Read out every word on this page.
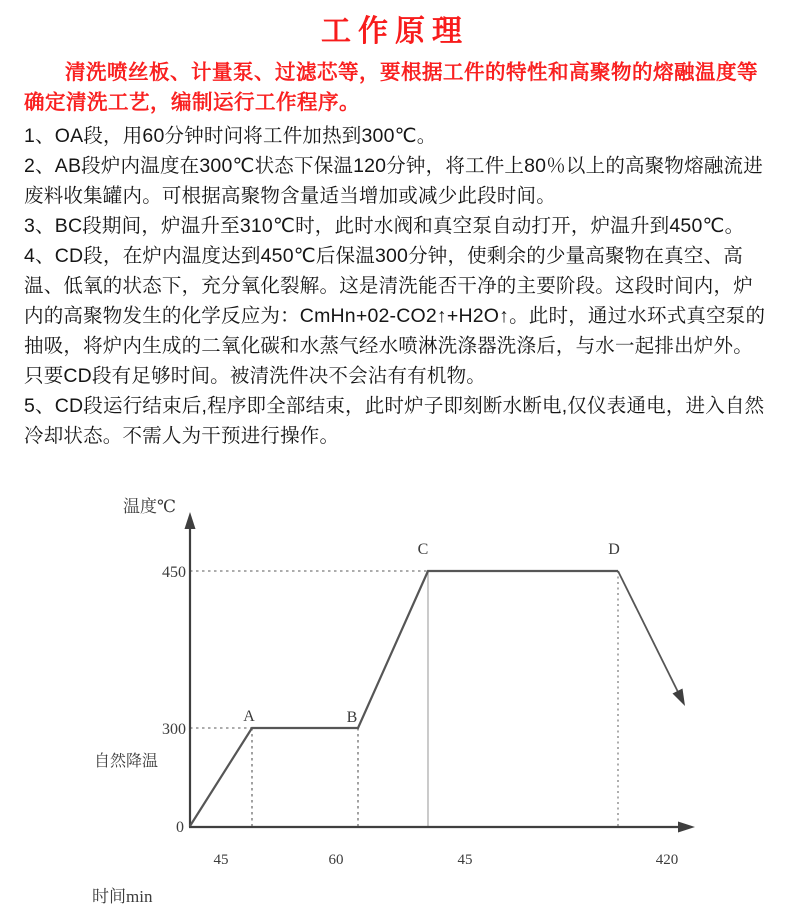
工作原理

清洗喷丝板、计量泵、过滤芯等，要根据工件的特性和高聚物的熔融温度等确定清洗工艺，编制运行工作程序。

1、OA段，用60分钟时问将工件加热到300℃。

2、AB段炉内温度在300℃状态下保温120分钟，将工件上80％以上的高聚物熔融流进废料收集罐内。可根据高聚物含量适当增加或减少此段时间。

3、BC段期间，炉温升至310℃时，此时水阀和真空泵自动打开，炉温升到450℃。

4、CD段，在炉内温度达到450℃后保温300分钟，使剩余的少量高聚物在真空、高温、低氧的状态下，充分氧化裂解。这是清洗能否干净的主要阶段。这段时间内，炉内的高聚物发生的化学反应为：CmHn+02-CO2↑+H2O↑。此时，通过水环式真空泵的抽吸，将炉内生成的二氧化碳和水蒸气经水喷淋洗涤器洗涤后，与水一起排出炉外。只要CD段有足够时间。被清洗件决不会沾有有机物。

5、CD段运行结束后,程序即全部结束，此时炉子即刻断水断电,仅仪表通电，进入自然冷却状态。不需人为干预进行操作。

温度℃
时间min
450
300
0
自然降温
A	B
C	D
45	60	45	420
